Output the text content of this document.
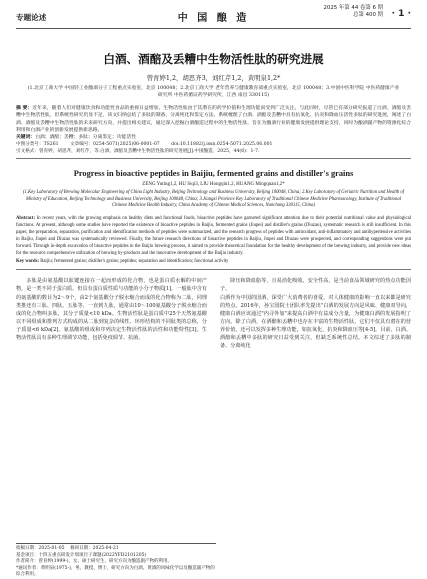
专题论述	中 国 酿 造
2025 年第 44 卷第 6 期
总第 400 期 · 1 ·
白酒、酒醅及丢糟中生物活性肽的研究进展
曾育婷1,2，胡思齐3，刘红芹1,2，黄明泉1,2*
(1.北京工商大学 中国轻工业酿酒分子工程重点实验室，北京 100048；2.北京工商大学 老年营养与健康教育部重点实验室，北京 100048；3.中国中医科学院 中医药健康产业研究所 中医药循证药学研究所，江西 南昌 330115)
摘 要：近年来，随着人们对健康饮食和功能性食品的重视日益增加，生物活性肽由于其潜在的药学价值和生理功能而受到广泛关注。与此同时，尽管已有部分研究报道了白酒、酒醅及丢糟中生物活性肽，但系统性研究仍显不足，该文归纳总结了多肽的制备、分离纯化和鉴定方法，系统梳理了白酒、酒醅及丢糟中具有抗氧化、抗炎和降血压活性多肽的研究进展，阐述了白酒、酒醅及丢糟中生物活性肽的未来研究方向，并提出相关建议，通过深入挖掘白酒酿造过程中的生物活性肽，旨在为酿酒行业的健康发展提供理论支持，同时为酿酒副产物的资源化综合利用和白酒产业的创新发展提供新思路。
关键词：白酒；酒醅；丢糟；多肽；分离鉴定；功能活性
中图分类号：TS261 文章编号：0254-5071(2025)06-0001-07 doi:10.11882/j.issn.0254-5071.2025.06.001
引文格式：曾育婷，胡思齐，刘红芹，等.白酒、酒醅及丢糟中生物活性肽的研究进展[J].中国酿造，2025，44(6)：1-7.
Progress in bioactive peptides in Baijiu, fermented grains and distiller's grains
ZENG Yuting1,2, HU Siqi3, LIU Hongqin1,2, HUANG Mingquan1,2*
(1.Key Laboratory of Brewing Molecular Engineering of China Light Industry, Beijing Technology and Business University, Beijing 100048, China; 2.Key Laboratory of Geriatric Nutrition and Health of Ministry of Education, Beijing Technology and Business University, Beijing 100048, China; 3.Jiangxi Province Key Laboratory of Traditional Chinese Medicine Pharmacology, Institute of Traditional Chinese Medicine Health Industry, China Academy of Chinese Medical Sciences, Nanchang 330115, China)
Abstract: In recent years, with the growing emphasis on healthy diets and functional foods, bioactive peptides have garnered significant attention due to their potential nutritional value and physiological functions. At present, although some studies have reported the existence of bioactive peptides in Baijiu, fermented grains (Jiupei) and distiller's grains (Diuzao), systematic research is still insufficient. In this paper, the preparation, separation, purification and identification methods of peptides were summarized, and the research progress of peptides with antioxidant, anti-inflammatory and antihypertensive activities in Baijiu, Jiupei and Diuzao was systematically reviewed. Finally, the future research directions of bioactive peptides in Baijiu, Jiupei and Diuzao were prospected, and corresponding suggestions were put forward. Through in-depth excavation of bioactive peptides in the Baijiu brewing process, it aimed to provide theoretical foundation for the healthy development of the brewing industry, and provide new ideas for the resource comprehensive utilization of brewing by-products and the innovative development of the Baijiu industry.
Key words: Baijiu; fermented grains; distiller's grains; peptides; separation and identification; functional activity

多肽是由氨基酸以肽键连接在一起而形成的化合物，也是蛋白质水解的中间产物，是一类不同于蛋白质，但具有蛋白质性质与功能的小分子物质[1]。一般肽中含有的氨基酸的数目为2～9个，由2个氨基酸分子脱水缩合而成的化合物称为二肽，同理类推还有三肽、四肽、五肽等，一直到九肽，通常由10～100氨基酸分子脱水缩合而成的化合物叫多肽，其分子质量<10 kDa。生物活性肽是蛋白质中25个天然氨基酸以不同组成和排列方式构成的从二肽到复杂的线性、环形结构的不同肽类的总称，分子质量<6 kDa[2]。氨基酸的组成和序列决定生物活性肽的活性和功能特性[3]。生物活性肽具有多种生理调节功能，包括免疫调节、抗菌、

降压和降血脂等，且易消化吸收、安全性高，是当前食品领域研究的热点功能因子。
白酒作为中国的国酒，深受广大消费者的喜爱，对人体健康的影响一直以来都是研究的热点。2016年，孙宝国院士团队率先提出"白酒的发展方向是风味、健康双导向，健康白酒应该通过"内寻外加"来提高白酒中有益成分含量，为健康白酒的发展指明了方向。除了白酒，在酒醅和丢糟中也存在丰富的生物活性肽，它们不仅具有潜在的营养价值，还可以发挥多种生理功能，如抗氧化、抗炎和降血压等[4-5]。目前，白酒、酒醅和丢糟中多肽的研究日益受到关注，但缺乏系统性总结。本文综述了多肽的制备、分离纯化

收稿日期：2025-01-05 修回日期：2025-04-21
基金项目：十四五重点研发计划项目子课题(2022YFD2101205)
作者简介：曾育婷(1999-)，女，硕士研究生，研究方向为酿造副产物的利用。
*通讯作者：黄明泉(1975-)，男，教授，博士，研究方向为白酒、黄酒的风味化学以及酿造副产物的综合利用。
